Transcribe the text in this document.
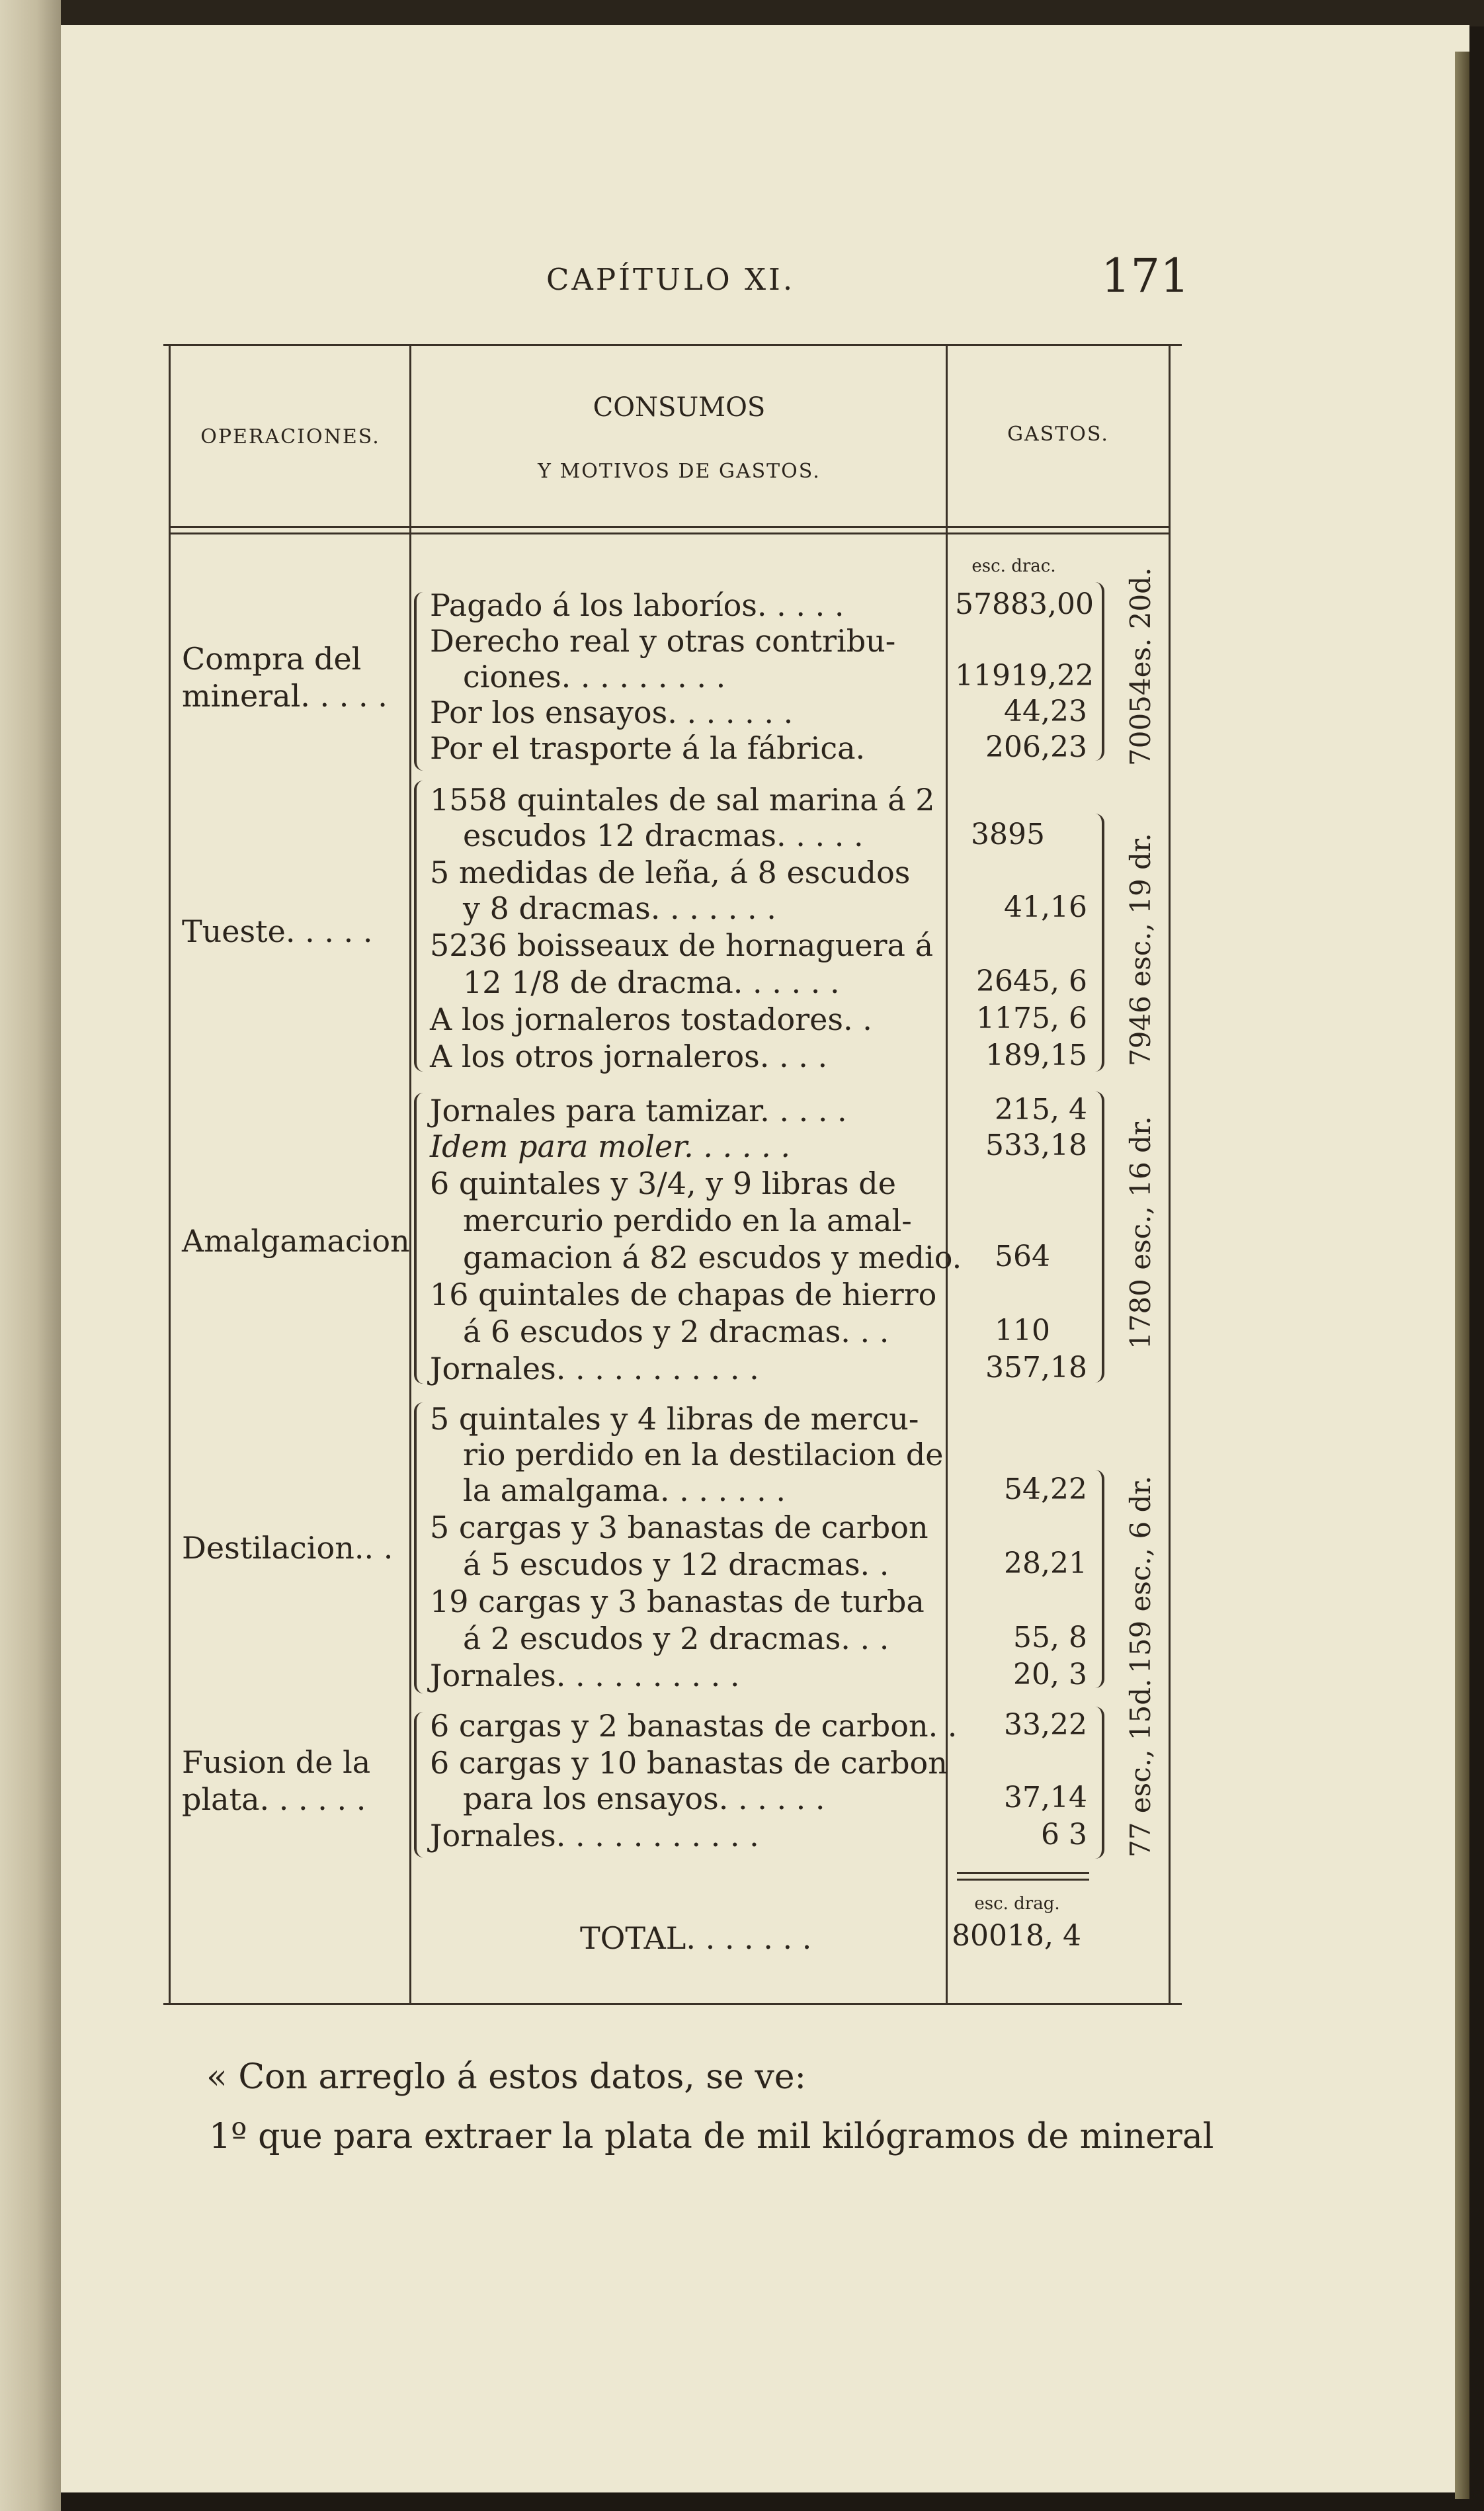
CAPÍTULO XI.	171
OPERACIONES.
CONSUMOS
Y MOTIVOS DE GASTOS.
GASTOS.
esc. drac.
esc. drag.
TOTAL. . . . . . .	80018, 4
Compra del
mineral. . . . .
Pagado á los laboríos. . . . .
Derecho real y otras contribu-
ciones. . . . . . . . .
Por los ensayos. . . . . . .
Por el trasporte á la fábrica.
57883,00
11919,22
44,23
206,23 70054es. 20d.
Tueste. . . . .
1558 quintales de sal marina á 2
escudos 12 dracmas. . . . .
5 medidas de leña, á 8 escudos
y 8 dracmas. . . . . . .
5236 boisseaux de hornaguera á
12 1/8 de dracma. . . . . .
A los jornaleros tostadores. .
A los otros jornaleros. . . .
3895
41,16
2645, 6
1175, 6
189,15 7946 esc., 19 dr.
Amalgamacion
Jornales para tamizar. . . . .
Idem para moler. . . . . .
6 quintales y 3/4, y 9 libras de
mercurio perdido en la amal-
gamacion á 82 escudos y medio.
16 quintales de chapas de hierro
á 6 escudos y 2 dracmas. . .
Jornales. . . . . . . . . . .
215, 4
533,18
564
110
357,18
1780 esc., 16 dr.
Destilacion.. .
5 quintales y 4 libras de mercu-
rio perdido en la destilacion de
la amalgama. . . . . . .
5 cargas y 3 banastas de carbon
á 5 escudos y 12 dracmas. .
19 cargas y 3 banastas de turba
á 2 escudos y 2 dracmas. . .
Jornales. . . . . . . . . .
54,22
28,21
55, 8
20, 3
159 esc., 6 dr.
Fusion de la
plata. . . . . .
6 cargas y 2 banastas de carbon. .
6 cargas y 10 banastas de carbon
para los ensayos. . . . . .
Jornales. . . . . . . . . . .
33,22
37,14
6 3 77 esc., 15d.
« Con arreglo á estos datos, se ve:
1º que para extraer la plata de mil kilógramos de mineral
